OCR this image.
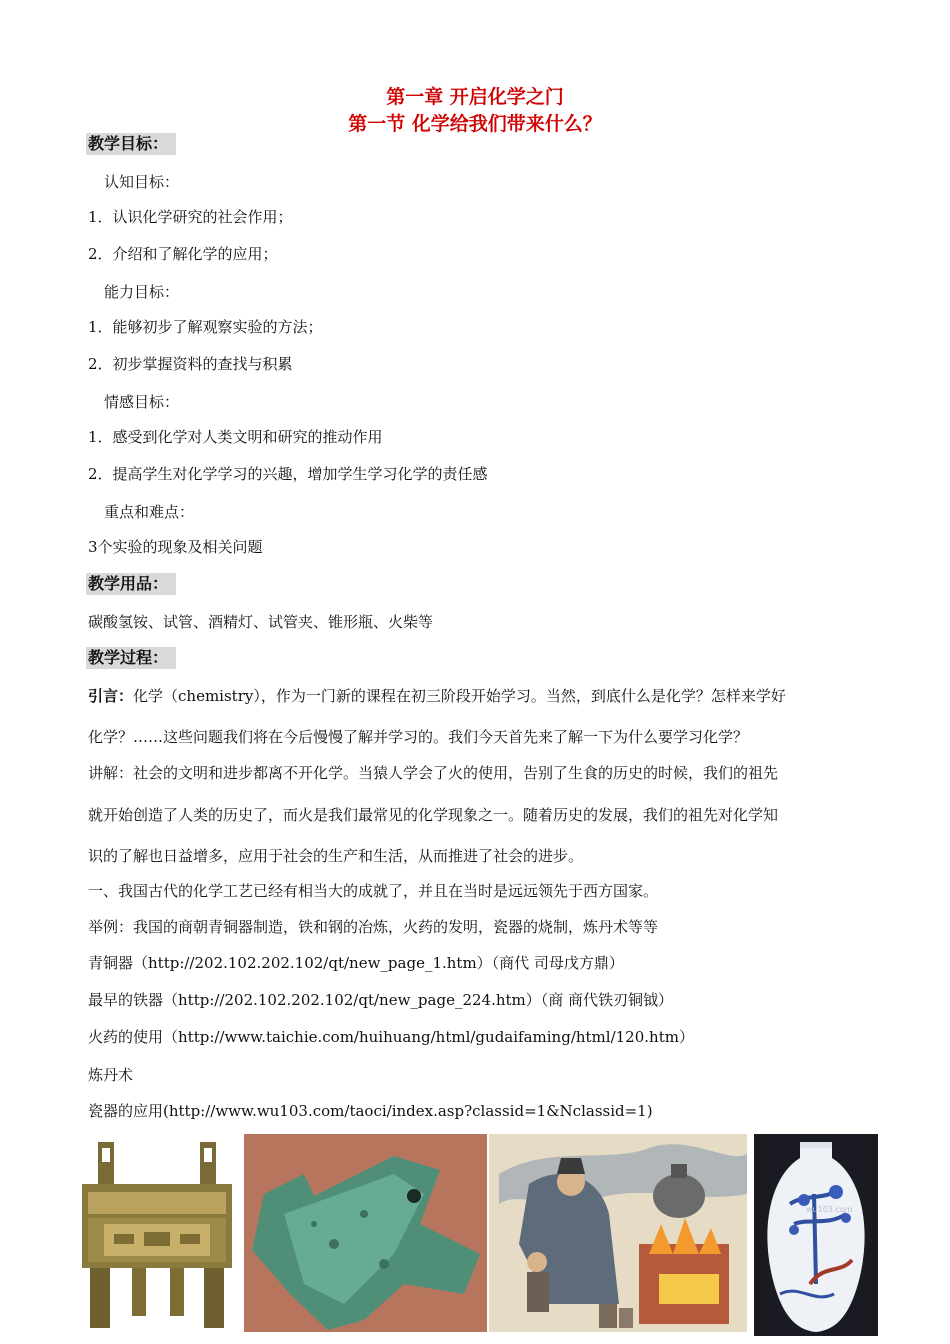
第一章 开启化学之门
第一节 化学给我们带来什么？
教学目标：
认知目标：
1．认识化学研究的社会作用；
2．介绍和了解化学的应用；
能力目标：
1．能够初步了解观察实验的方法；
2．初步掌握资料的查找与积累
情感目标：
1．感受到化学对人类文明和研究的推动作用
2．提高学生对化学学习的兴趣，增加学生学习化学的责任感
重点和难点：
3个实验的现象及相关问题
教学用品：
碳酸氢铵、试管、酒精灯、试管夹、锥形瓶、火柴等
教学过程：
引言：化学（chemistry），作为一门新的课程在初三阶段开始学习。当然，到底什么是化学？怎样来学好
化学？……这些问题我们将在今后慢慢了解并学习的。我们今天首先来了解一下为什么要学习化学？
讲解：社会的文明和进步都离不开化学。当猿人学会了火的使用，告别了生食的历史的时候，我们的祖先
就开始创造了人类的历史了，而火是我们最常见的化学现象之一。随着历史的发展，我们的祖先对化学知
识的了解也日益增多，应用于社会的生产和生活，从而推进了社会的进步。
一、我国古代的化学工艺已经有相当大的成就了，并且在当时是远远领先于西方国家。
举例：我国的商朝青铜器制造，铁和钢的冶炼，火药的发明，瓷器的烧制，炼丹术等等
青铜器（http://202.102.202.102/qt/new_page_1.htm）（商代 司母戊方鼎）
最早的铁器（http://202.102.202.102/qt/new_page_224.htm）（商 商代铁刃铜钺）
火药的使用（http://www.taichie.com/huihuang/html/gudaifaming/html/120.htm）
炼丹术
瓷器的应用(http://www.wu103.com/taoci/index.asp?classid=1&Nclassid=1)
wu103.com
